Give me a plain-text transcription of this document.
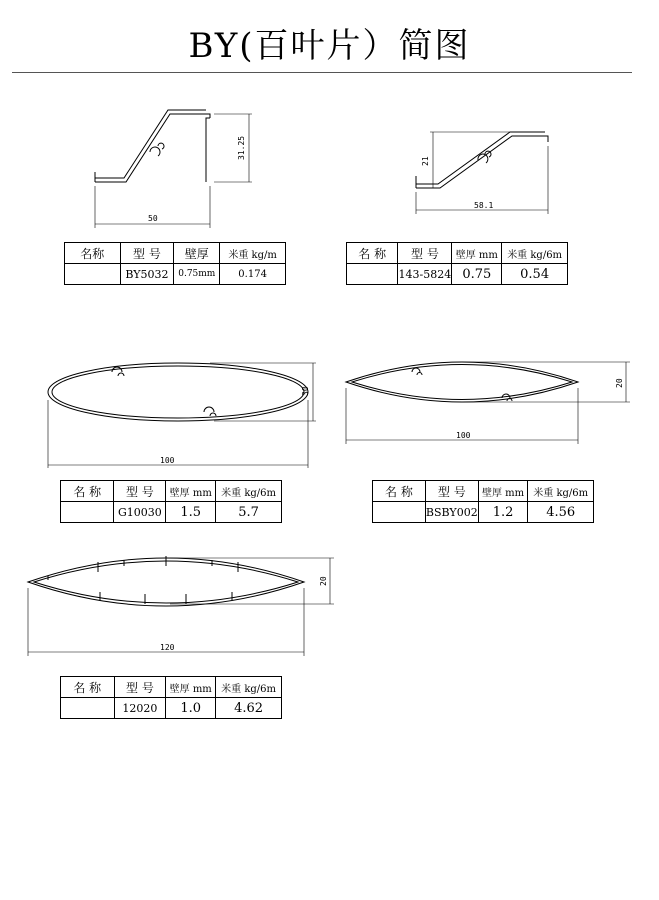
BY(百叶片）简图
31.25
50
21
58.1
30
100
20
100
20
120
名称	型 号	壁厚	米重 kg/m
	BY5032	0.75mm	0.174
名 称	型 号	壁厚 mm	米重 kg/6m
	143-5824	0.75	0.54
名 称	型 号	壁厚 mm	米重 kg/6m
	G10030	1.5	5.7
名 称	型 号	壁厚 mm	米重 kg/6m
	BSBY002	1.2	4.56
名 称	型 号	壁厚 mm	米重 kg/6m
	12020	1.0	4.62
